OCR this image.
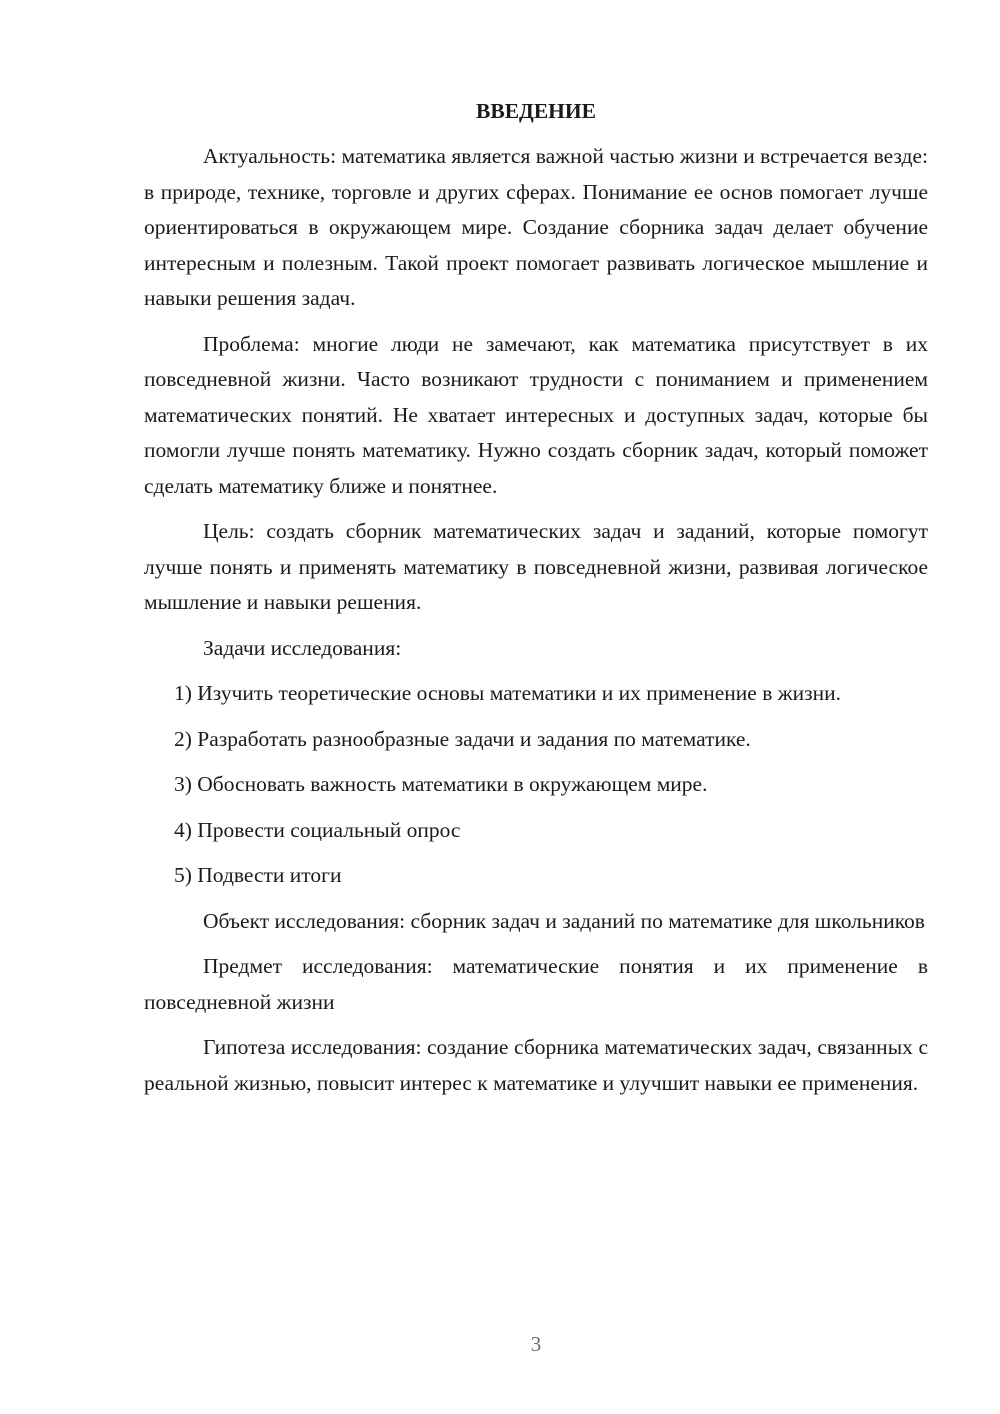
ВВЕДЕНИЕ

Актуальность: математика является важной частью жизни и встречается везде: в природе, технике, торговле и других сферах. Понимание ее основ помогает лучше ориентироваться в окружающем мире. Создание сборника задач делает обучение интересным и полезным. Такой проект помогает развивать логическое мышление и навыки решения задач.

Проблема: многие люди не замечают, как математика присутствует в их повседневной жизни. Часто возникают трудности с пониманием и применением математических понятий. Не хватает интересных и доступных задач, которые бы помогли лучше понять математику. Нужно создать сборник задач, который поможет сделать математику ближе и понятнее.

Цель: создать сборник математических задач и заданий, которые помогут лучше понять и применять математику в повседневной жизни, развивая логическое мышление и навыки решения.

Задачи исследования:

1) Изучить теоретические основы математики и их применение в жизни.

2) Разработать разнообразные задачи и задания по математике.

3) Обосновать важность математики в окружающем мире.

4) Провести социальный опрос

5) Подвести итоги

Объект исследования: сборник задач и заданий по математике для школьников

Предмет исследования: математические понятия и их применение в повседневной жизни

Гипотеза исследования: создание сборника математических задач, связанных с реальной жизнью, повысит интерес к математике и улучшит навыки ее применения.

3
